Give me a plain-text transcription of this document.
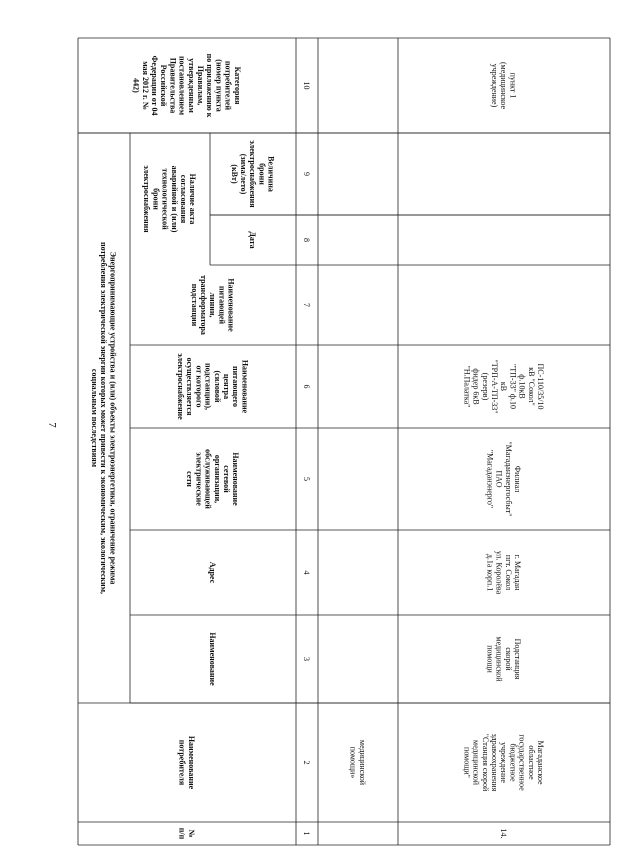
7
№п/п
Наименованиепотребителя
Энергопринимающие устройства и (или) объекты электроэнергетики, ограничение режимапотребления электрической энергии которых может привести к экономическим, экологическим,социальным последствиям
Наименование
Адрес
Наименованиесетевойорганизации,обслуживающейэлектрическиесети
Наименованиепитающегоцентра(силовойподстанции),от которогоосуществляетсяэлектроснабжение
Наименованиепитающейлинии,трансформатораподстанции
Наличие актасогласованияаварийной и (или)технологическойброниэлектроснабжения
Дата
Величинаброниэлектроснабжения(зима/лето)(кВт)
Категорияпотребителей(номер пунктапо приложению кПравилам,утвержденнымпостановлениемПравительстваРоссийскойФедерации от 04мая 2012 г. №442)
1
2
3
4
5
6
7
8
9
10
медицинскойпомощи»
14.
Магаданскоеобластноегосударственноебюджетноеучреждениездравоохранения"Станция скороймедицинскойпомощи"
Подстанцияскороймедицинскойпомощи
г. Магаданпгт. Соколул. Королёвад.1а корп.1
Филиал"Магаданэнергосбыт"ПАО"Магаданэнерго"
ПС-110/35/10кВ "Сокол"ф.10кВ"ТП-33" ф.10кВ"ТРП-А-ТП-33"(резерв)фидер 6кВ"Н.Палатка"
пункт 1(медицинскоеучреждение)
